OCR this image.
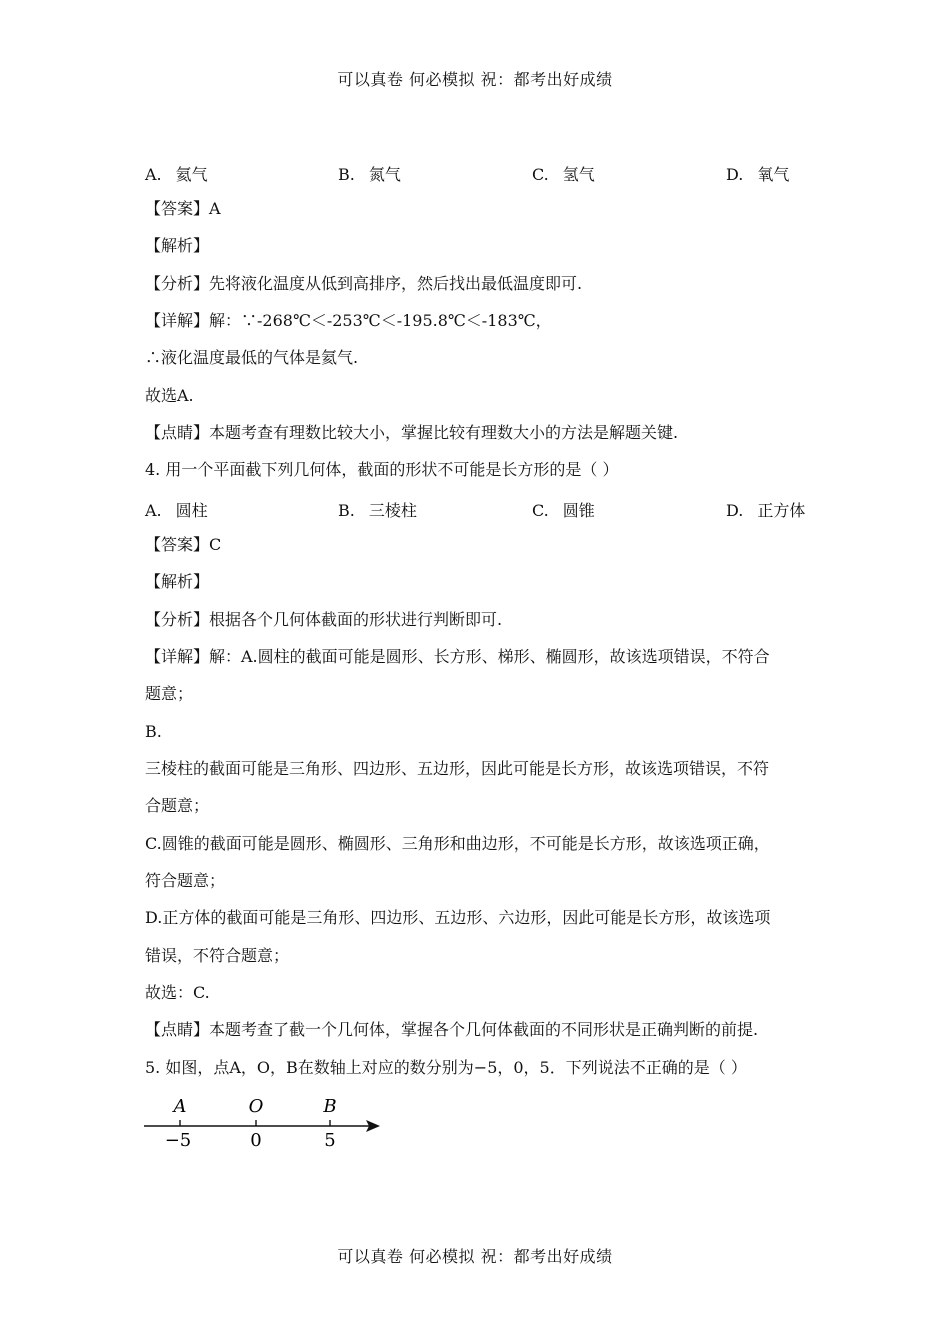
可以真卷 何必模拟 祝：都考出好成绩
A. 氦气	B. 氮气	C. 氢气	D. 氧气
【答案】A
【解析】
【分析】先将液化温度从低到高排序，然后找出最低温度即可.
【详解】解：∵-268℃＜-253℃＜-195.8℃＜-183℃，
∴液化温度最低的气体是氦气.
故选A.
【点睛】本题考查有理数比较大小，掌握比较有理数大小的方法是解题关键.
4. 用一个平面截下列几何体，截面的形状不可能是长方形的是（ ）
A. 圆柱	B. 三棱柱	C. 圆锥	D. 正方体
【答案】C
【解析】
【分析】根据各个几何体截面的形状进行判断即可.
【详解】解：A.圆柱的截面可能是圆形、长方形、梯形、椭圆形，故该选项错误，不符合
题意；
B.
三棱柱的截面可能是三角形、四边形、五边形，因此可能是长方形，故该选项错误，不符
合题意；
C.圆锥的截面可能是圆形、椭圆形、三角形和曲边形，不可能是长方形，故该选项正确，
符合题意；
D.正方体的截面可能是三角形、四边形、五边形、六边形，因此可能是长方形，故该选项
错误，不符合题意；
故选：C.
【点睛】本题考查了截一个几何体，掌握各个几何体截面的不同形状是正确判断的前提.
5. 如图，点A，O，B在数轴上对应的数分别为−5，0，5．下列说法不正确的是（ ）
A	O	B
−5	0	5
可以真卷 何必模拟 祝：都考出好成绩
